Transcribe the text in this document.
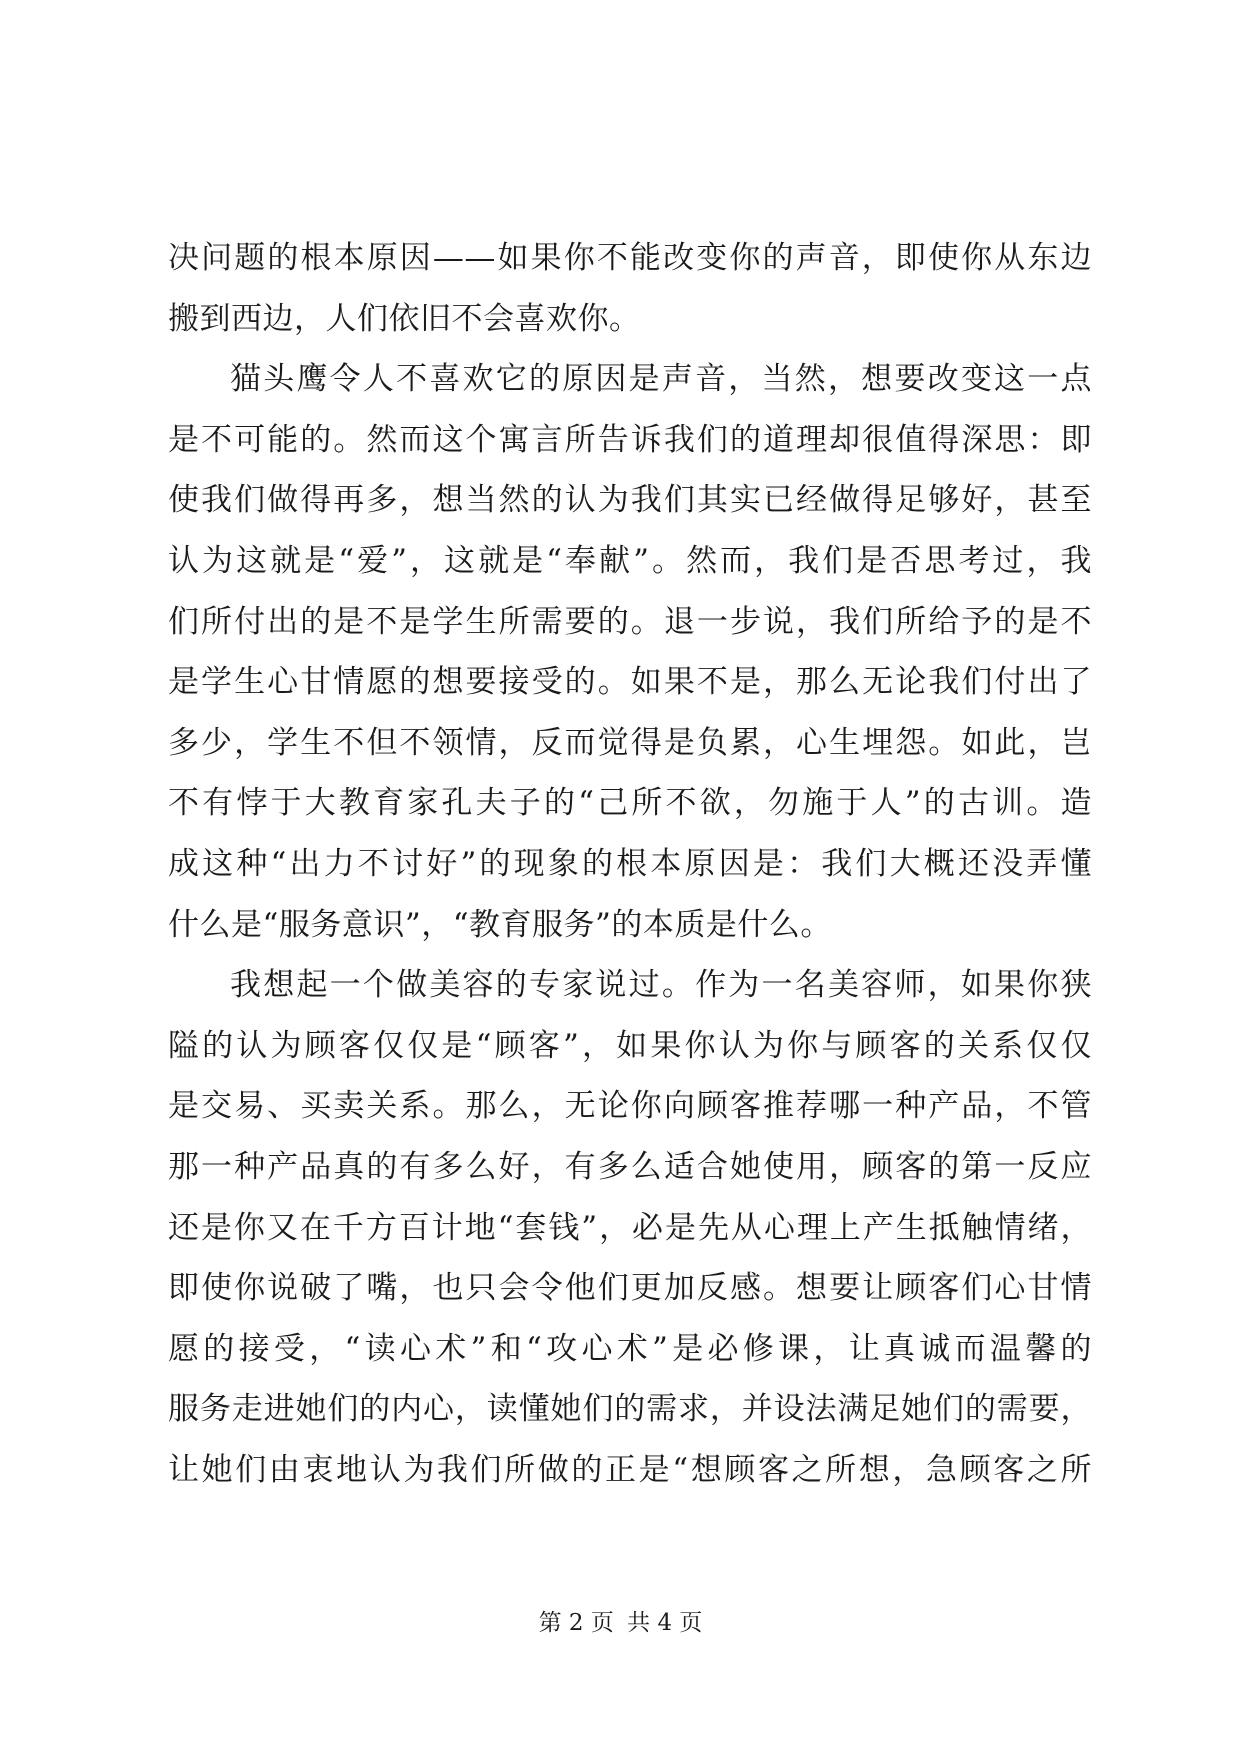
决问题的根本原因——如果你不能改变你的声音，即使你从东边
搬到西边，人们依旧不会喜欢你。
猫头鹰令人不喜欢它的原因是声音，当然，想要改变这一点
是不可能的。然而这个寓言所告诉我们的道理却很值得深思：即
使我们做得再多，想当然的认为我们其实已经做得足够好，甚至
认为这就是“爱”，这就是“奉献”。然而，我们是否思考过，我
们所付出的是不是学生所需要的。退一步说，我们所给予的是不
是学生心甘情愿的想要接受的。如果不是，那么无论我们付出了
多少，学生不但不领情，反而觉得是负累，心生埋怨。如此，岂
不有悖于大教育家孔夫子的“己所不欲，勿施于人”的古训。造
成这种“出力不讨好”的现象的根本原因是：我们大概还没弄懂
什么是“服务意识”，“教育服务”的本质是什么。
我想起一个做美容的专家说过。作为一名美容师，如果你狭
隘的认为顾客仅仅是“顾客”，如果你认为你与顾客的关系仅仅
是交易、买卖关系。那么，无论你向顾客推荐哪一种产品，不管
那一种产品真的有多么好，有多么适合她使用，顾客的第一反应
还是你又在千方百计地“套钱”，必是先从心理上产生抵触情绪，
即使你说破了嘴，也只会令他们更加反感。想要让顾客们心甘情
愿的接受，“读心术”和“攻心术”是必修课，让真诚而温馨的
服务走进她们的内心，读懂她们的需求，并设法满足她们的需要，
让她们由衷地认为我们所做的正是“想顾客之所想，急顾客之所
第 2 页 共 4 页
